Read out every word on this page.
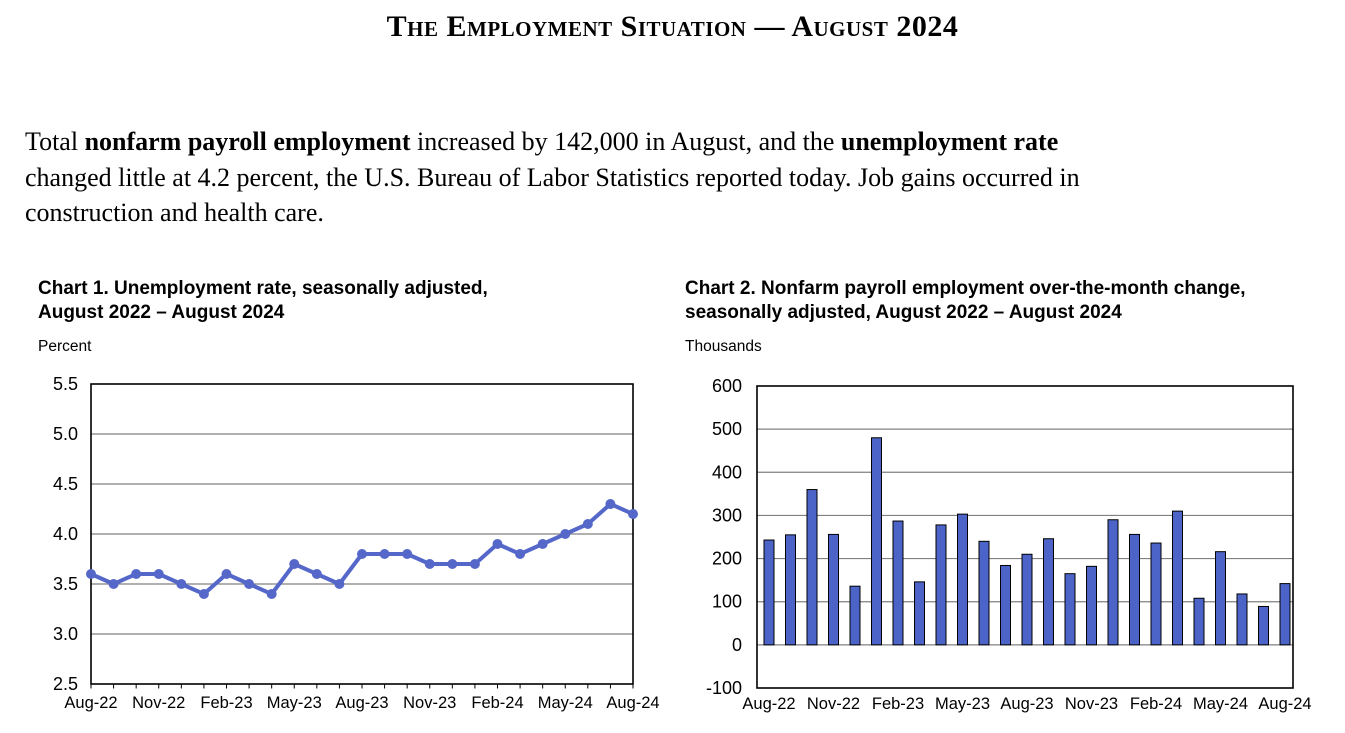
The Employment Situation — August 2024
Total nonfarm payroll employment increased by 142,000 in August, and the unemployment rate
changed little at 4.2 percent, the U.S. Bureau of Labor Statistics reported today. Job gains occurred in
construction and health care.
Chart 1. Unemployment rate, seasonally adjusted,
August 2022 – August 2024
Percent
5.5
5.0
4.5
4.0
3.5
3.0
2.5
Aug-22 Nov-22 Feb-23 May-23 Aug-23 Nov-23 Feb-24 May-24 Aug-24
Chart 2. Nonfarm payroll employment over-the-month change,
seasonally adjusted, August 2022 – August 2024
Thousands
600
500
400
300
200
100
0
-100
Aug-22 Nov-22 Feb-23 May-23 Aug-23 Nov-23 Feb-24 May-24 Aug-24
